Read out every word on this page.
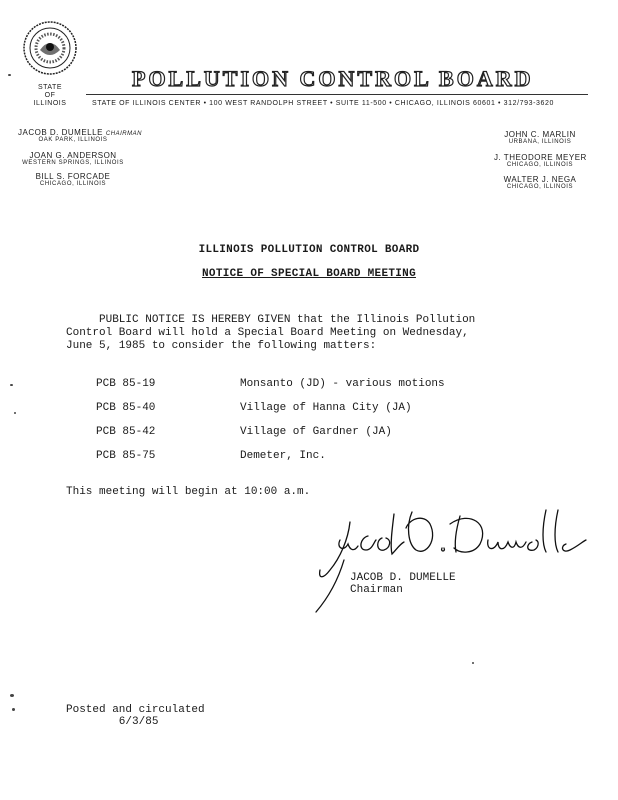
STATE
OF
ILLINOIS
POLLUTION CONTROL BOARD
STATE OF ILLINOIS CENTER • 100 WEST RANDOLPH STREET • SUITE 11-500 • CHICAGO, ILLINOIS 60601 • 312/793-3620
JACOB D. DUMELLE CHAIRMAN
OAK PARK, ILLINOIS
JOAN G. ANDERSON
WESTERN SPRINGS, ILLINOIS
BILL S. FORCADE
CHICAGO, ILLINOIS
JOHN C. MARLIN
URBANA, ILLINOIS
J. THEODORE MEYER
CHICAGO, ILLINOIS
WALTER J. NEGA
CHICAGO, ILLINOIS
ILLINOIS POLLUTION CONTROL BOARD
NOTICE OF SPECIAL BOARD MEETING
PUBLIC NOTICE IS HEREBY GIVEN that the Illinois Pollution
Control Board will hold a Special Board Meeting on Wednesday,
June 5, 1985 to consider the following matters:
PCB 85-19	Monsanto (JD) - various motions
PCB 85-40	Village of Hanna City (JA)
PCB 85-42	Village of Gardner (JA)
PCB 85-75	Demeter, Inc.
This meeting will begin at 10:00 a.m.
JACOB D. DUMELLE
Chairman
Posted and circulated
6/3/85
